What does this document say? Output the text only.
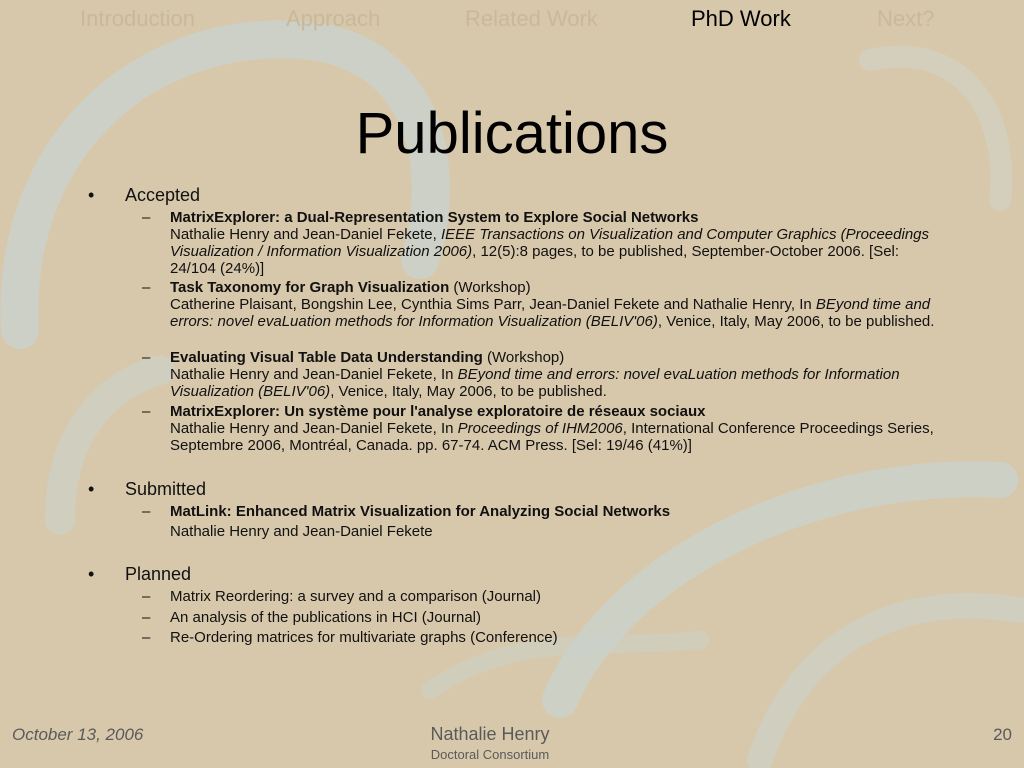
Introduction	Approach	Related Work	PhD Work	Next?
Publications
• Accepted
– MatrixExplorer: a Dual-Representation System to Explore Social Networks
Nathalie Henry and Jean-Daniel Fekete, IEEE Transactions on Visualization and Computer Graphics (Proceedings Visualization / Information Visualization 2006), 12(5):8 pages, to be published, September-October 2006. [Sel: 24/104 (24%)]
– Task Taxonomy for Graph Visualization (Workshop)
Catherine Plaisant, Bongshin Lee, Cynthia Sims Parr, Jean-Daniel Fekete and Nathalie Henry, In BEyond time and errors: novel evaLuation methods for Information Visualization (BELIV'06), Venice, Italy, May 2006, to be published.
– Evaluating Visual Table Data Understanding (Workshop)
Nathalie Henry and Jean-Daniel Fekete, In BEyond time and errors: novel evaLuation methods for Information Visualization (BELIV'06), Venice, Italy, May 2006, to be published.
– MatrixExplorer: Un système pour l'analyse exploratoire de réseaux sociaux
Nathalie Henry and Jean-Daniel Fekete, In Proceedings of IHM2006, International Conference Proceedings Series, Septembre 2006, Montréal, Canada. pp. 67-74. ACM Press. [Sel: 19/46 (41%)]
• Submitted
– MatLink: Enhanced Matrix Visualization for Analyzing Social Networks
Nathalie Henry and Jean-Daniel Fekete
• Planned
– Matrix Reordering: a survey and a comparison (Journal)
– An analysis of the publications in HCI (Journal)
– Re-Ordering matrices for multivariate graphs (Conference)
October 13, 2006	Nathalie Henry
Doctoral Consortium
20
